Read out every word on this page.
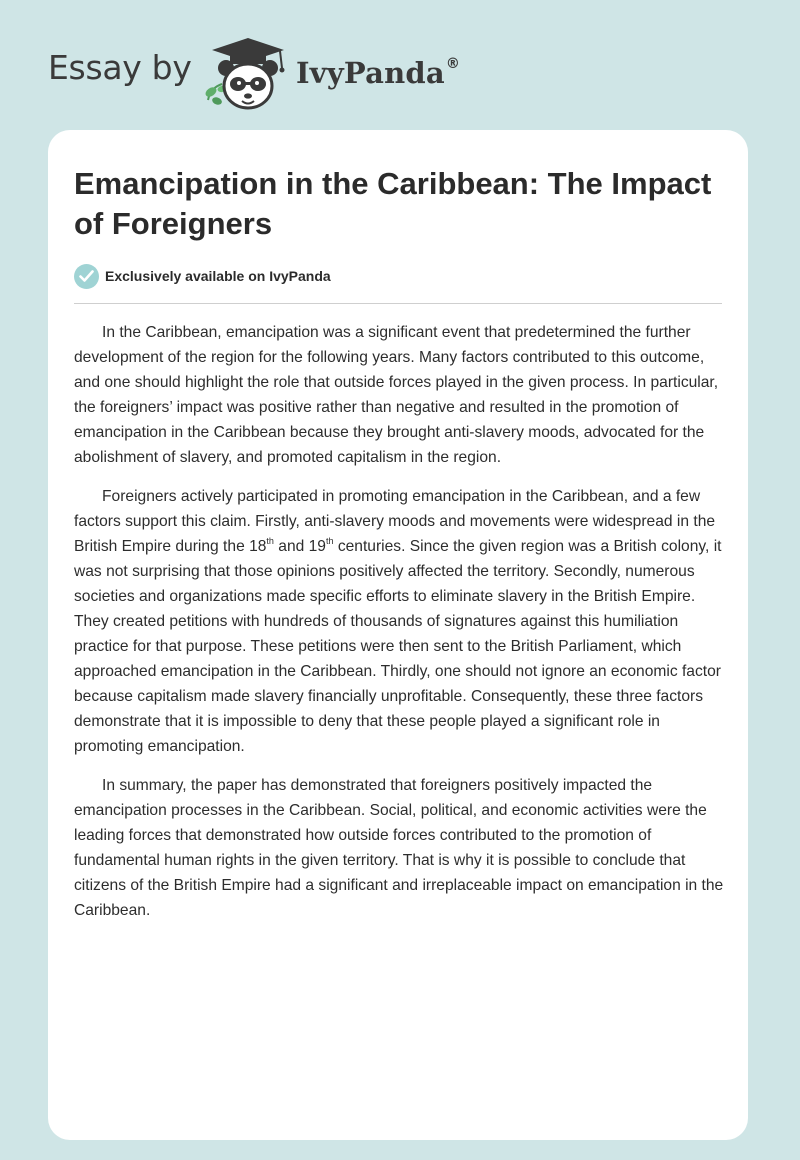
Essay by	IvyPanda®
Emancipation in the Caribbean: The Impact of Foreigners
Exclusively available on IvyPanda

In the Caribbean, emancipation was a significant event that predetermined the further development of the region for the following years. Many factors contributed to this outcome, and one should highlight the role that outside forces played in the given process. In particular, the foreigners’ impact was positive rather than negative and resulted in the promotion of emancipation in the Caribbean because they brought anti-slavery moods, advocated for the abolishment of slavery, and promoted capitalism in the region.

Foreigners actively participated in promoting emancipation in the Caribbean, and a few factors support this claim. Firstly, anti-slavery moods and movements were widespread in the British Empire during the 18th and 19th centuries. Since the given region was a British colony, it was not surprising that those opinions positively affected the territory. Secondly, numerous societies and organizations made specific efforts to eliminate slavery in the British Empire. They created petitions with hundreds of thousands of signatures against this humiliation practice for that purpose. These petitions were then sent to the British Parliament, which approached emancipation in the Caribbean. Thirdly, one should not ignore an economic factor because capitalism made slavery financially unprofitable. Consequently, these three factors demonstrate that it is impossible to deny that these people played a significant role in promoting emancipation.

In summary, the paper has demonstrated that foreigners positively impacted the emancipation processes in the Caribbean. Social, political, and economic activities were the leading forces that demonstrated how outside forces contributed to the promotion of fundamental human rights in the given territory. That is why it is possible to conclude that citizens of the British Empire had a significant and irreplaceable impact on emancipation in the Caribbean.
